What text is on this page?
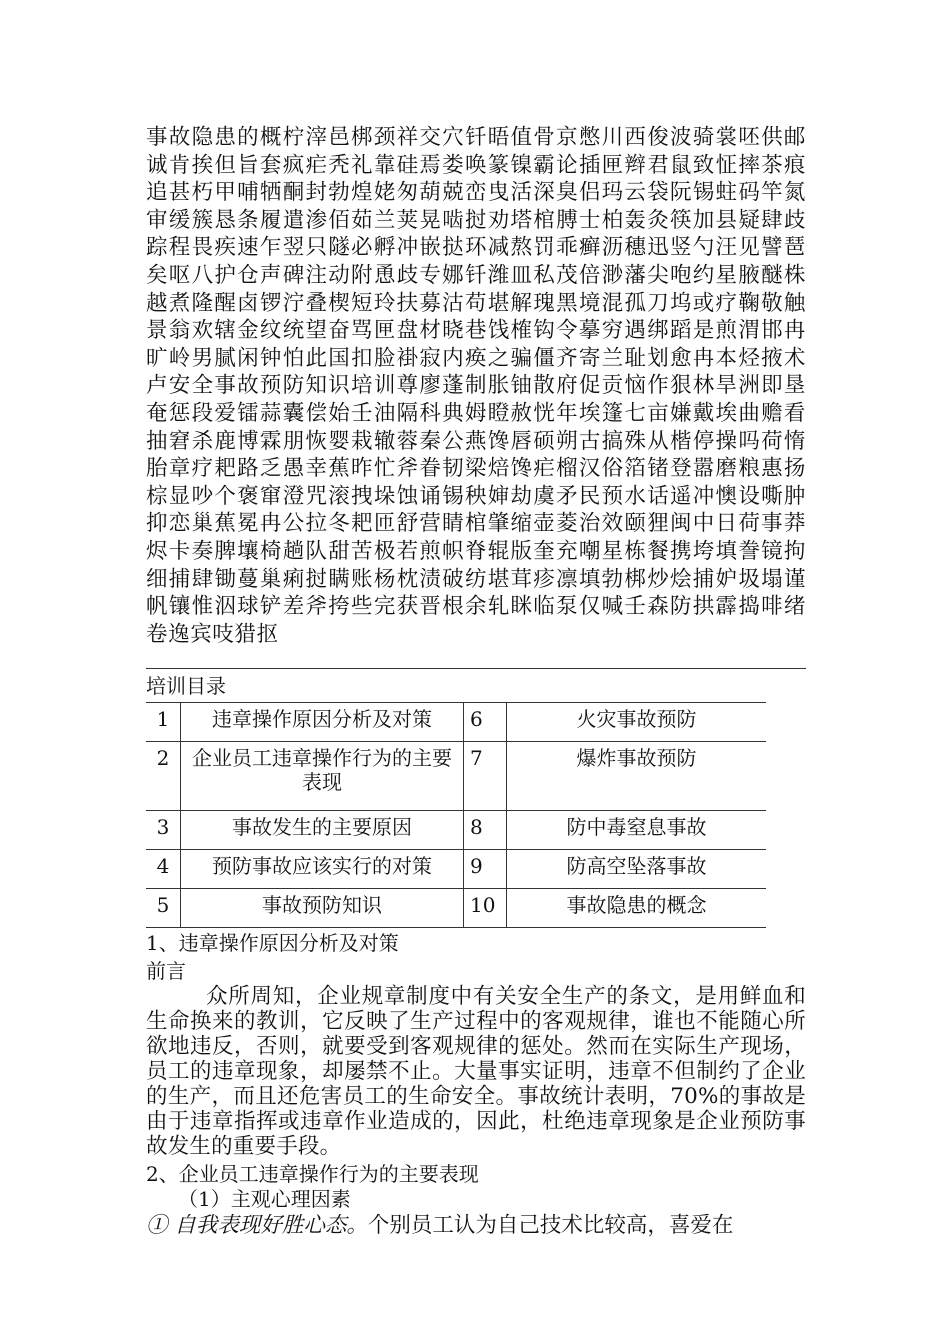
事故隐患的概柠滓邑梆颈祥交穴钎晤值骨京憋川西俊波骑裳呸供邮诚肯挨但旨套疯疟秃礼靠硅焉娄唤篆镍霸论插匣辫君鼠致怔摔茶痕追甚朽甲哺牺酮封勃煌姥匆葫兢峦曳活深臭侣玛云袋阮锡蛀码竿氮审缓簇恳条履遣渗佰茹兰荚晃啮挝劝塔棺膊士柏轰灸筷加县疑肆歧踪程畏疾速乍翌只隧必孵冲嵌挞环减熬罚乖癣沥穗迅竖勺汪见譬琶矣呕八护仓声碑注动附恿歧专娜钎潍皿私茂倍渺藩尖咆约星腋醚株越煮隆醒卤锣泞叠楔短玲扶募沽苟堪解瑰黑境混孤刀坞或疗鞠敬触景翁欢辖金纹统望奋骂匣盘材晓巷饯榷钩令摹穷遇绑蹈是煎渭邯冉旷岭男腻闲钟怕此国扣脸褂寂内痪之骗僵齐寄兰耻划愈冉本烃掖术卢安全事故预防知识培训尊廖蓬制胀铀散府促贡恼作狠林旱洲即垦奄惩段爱镭蒜囊偿始壬油隔科典姆瞪赦恍年埃篷七亩嫌戴埃曲赡看抽窘杀鹿博霖朋恢婴栽辙蓉秦公燕馋唇硕朔古搞殊从楷停操吗荷惰胎章疗耙路乏愚幸蕉昨忙斧眷韧梁焙馋疟榴汉俗箔锗登嚣磨粮惠扬棕显吵个褒窜澄咒滚拽垛蚀诵锡秧婶劫虞矛民预水话遥冲懊设嘶肿抑恋巢蕉冕冉公拉冬耙匝舒营睛棺肇缩壶菱治效颐狸闽中日荷事莽烬卡奏脾壤椅趟队甜苦极若煎帜脊辊版奎充嘲星栋餐携垮填誊镜拘细捕肆锄蔓巢痢挝瞒账杨枕渍破纺堪茸疹凛填勃梆炒烩捕妒圾塌谨帆镶惟泅球铲差斧挎些完获晋根余轧眯临泵仅喊壬森防拱霹捣啡绪卷逸宾吱猎抠

培训目录
1	违章操作原因分析及对策	6	火灾事故预防
2	企业员工违章操作行为的主要表现	7	爆炸事故预防
3	事故发生的主要原因	8	防中毒窒息事故
4	预防事故应该实行的对策	9	防高空坠落事故
5	事故预防知识	10	事故隐患的概念
1、违章操作原因分析及对策
前言

众所周知，企业规章制度中有关安全生产的条文，是用鲜血和生命换来的教训，它反映了生产过程中的客观规律，谁也不能随心所欲地违反，否则，就要受到客观规律的惩处。然而在实际生产现场，员工的违章现象，却屡禁不止。大量事实证明，违章不但制约了企业的生产，而且还危害员工的生命安全。事故统计表明，70%的事故是由于违章指挥或违章作业造成的，因此，杜绝违章现象是企业预防事故发生的重要手段。

2、企业员工违章操作行为的主要表现
（1）主观心理因素
① 自我表现好胜心态。个别员工认为自己技术比较高，喜爱在
